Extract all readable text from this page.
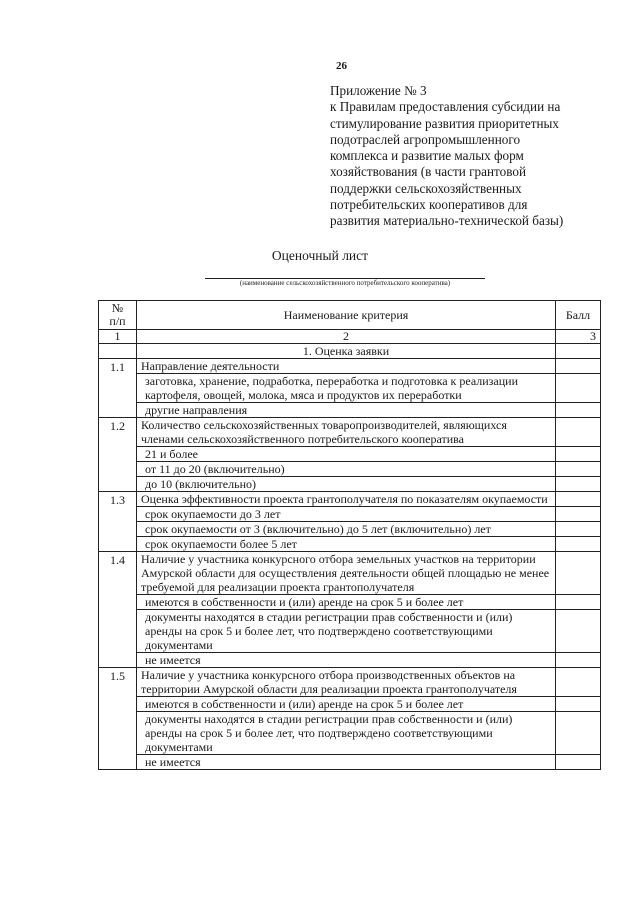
26
Приложение № 3
к Правилам предоставления субсидии на
стимулирование развития приоритетных
подотраслей агропромышленного
комплекса и развитие малых форм
хозяйствования (в части грантовой
поддержки сельскохозяйственных
потребительских кооперативов для
развития материально-технической базы)
Оценочный лист
(наименование сельскохозяйственного потребительского кооператива)
№
п/п	Наименование критерия	Балл
1	2	3
	1. Оценка заявки	
1.1	Направление деятельности	
	заготовка, хранение, подработка, переработка и подготовка к реализации картофеля, овощей, молока, мяса и продуктов их переработки	
	другие направления	
1.2	Количество сельскохозяйственных товаропроизводителей, являющихся членами сельскохозяйственного потребительского кооператива	
	21 и более	
	от 11 до 20 (включительно)	
	до 10 (включительно)	
1.3	Оценка эффективности проекта грантополучателя по показателям окупаемости	
	срок окупаемости до 3 лет	
	срок окупаемости от 3 (включительно) до 5 лет (включительно) лет	
	срок окупаемости более 5 лет	
1.4	Наличие у участника конкурсного отбора земельных участков на территории Амурской области для осуществления деятельности общей площадью не менее требуемой для реализации проекта грантополучателя	
	имеются в собственности и (или) аренде на срок 5 и более лет	
	документы находятся в стадии регистрации прав собственности и (или) аренды на срок 5 и более лет, что подтверждено соответствующими документами	
	не имеется	
1.5	Наличие у участника конкурсного отбора производственных объектов на территории Амурской области для реализации проекта грантополучателя	
	имеются в собственности и (или) аренде на срок 5 и более лет	
	документы находятся в стадии регистрации прав собственности и (или) аренды на срок 5 и более лет, что подтверждено соответствующими документами	
	не имеется	
